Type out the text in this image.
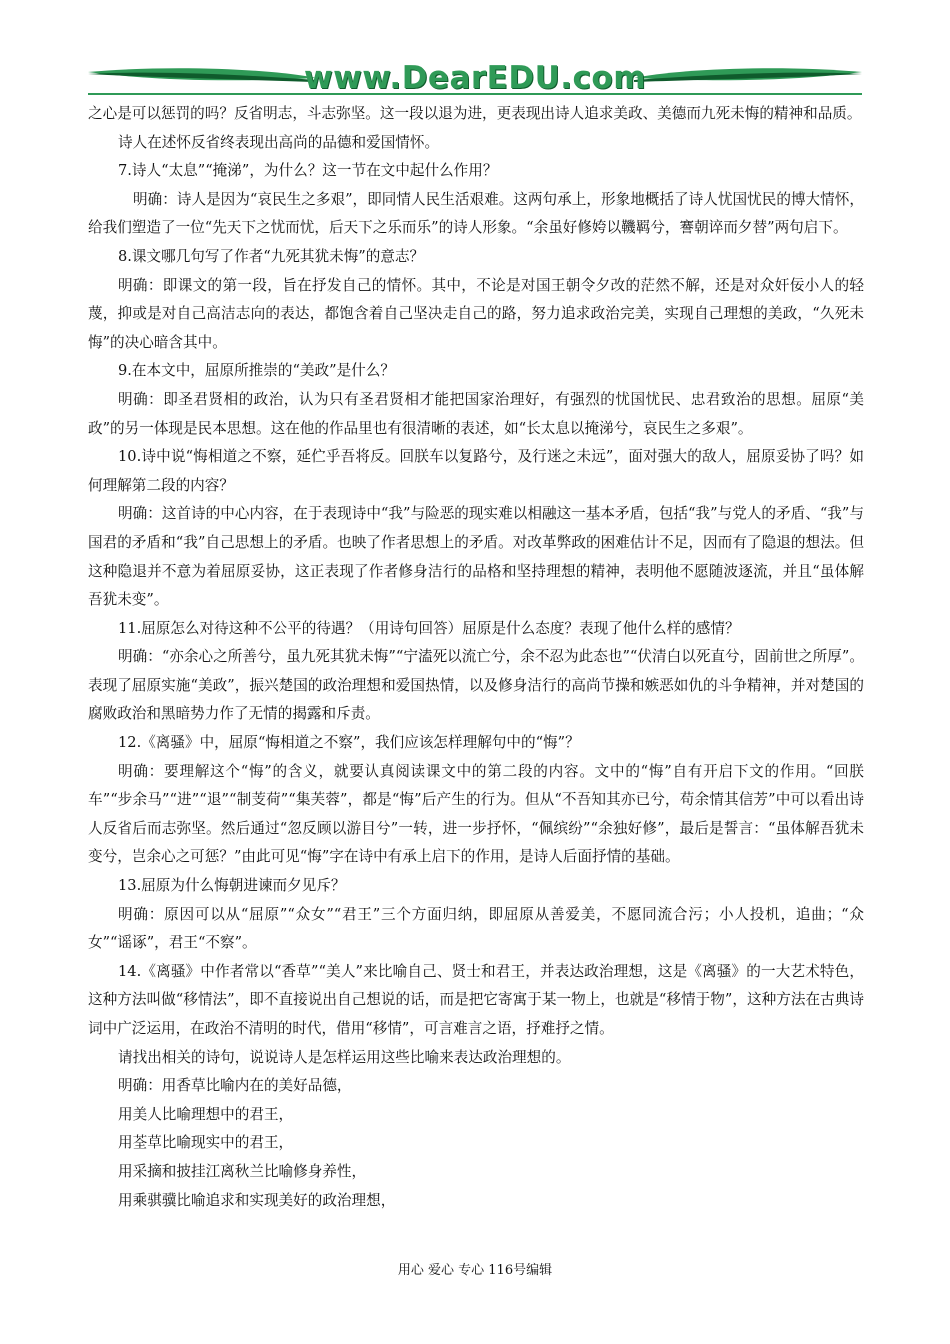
www.DearEDU.com

之心是可以惩罚的吗？反省明志，斗志弥坚。这一段以退为进，更表现出诗人追求美政、美德而九死未悔的精神和品质。

诗人在述怀反省终表现出高尚的品德和爱国情怀。

7.诗人“太息”“掩涕”，为什么？这一节在文中起什么作用？

明确：诗人是因为“哀民生之多艰”，即同情人民生活艰难。这两句承上，形象地概括了诗人忧国忧民的博大情怀，给我们塑造了一位“先天下之忧而忧，后天下之乐而乐”的诗人形象。“余虽好修姱以鞿羁兮，謇朝谇而夕替”两句启下。

8.课文哪几句写了作者“九死其犹未悔”的意志？

明确：即课文的第一段，旨在抒发自己的情怀。其中，不论是对国王朝令夕改的茫然不解，还是对众奸佞小人的轻蔑，抑或是对自己高洁志向的表达，都饱含着自己坚决走自己的路，努力追求政治完美，实现自己理想的美政，“久死未悔”的决心暗含其中。

9.在本文中，屈原所推崇的“美政”是什么？

明确：即圣君贤相的政治，认为只有圣君贤相才能把国家治理好，有强烈的忧国忧民、忠君致治的思想。屈原“美政”的另一体现是民本思想。这在他的作品里也有很清晰的表述，如“长太息以掩涕兮，哀民生之多艰”。

10.诗中说“悔相道之不察，延伫乎吾将反。回朕车以复路兮，及行迷之未远”，面对强大的敌人，屈原妥协了吗？如何理解第二段的内容？

明确：这首诗的中心内容，在于表现诗中“我”与险恶的现实难以相融这一基本矛盾，包括“我”与党人的矛盾、“我”与国君的矛盾和“我”自己思想上的矛盾。也映了作者思想上的矛盾。对改革弊政的困难估计不足，因而有了隐退的想法。但这种隐退并不意为着屈原妥协，这正表现了作者修身洁行的品格和坚持理想的精神，表明他不愿随波逐流，并且“虽体解吾犹未变”。

11.屈原怎么对待这种不公平的待遇？（用诗句回答）屈原是什么态度？表现了他什么样的感情？

明确：“亦余心之所善兮，虽九死其犹未悔”“宁溘死以流亡兮，余不忍为此态也”“伏清白以死直兮，固前世之所厚”。表现了屈原实施“美政”，振兴楚国的政治理想和爱国热情，以及修身洁行的高尚节操和嫉恶如仇的斗争精神，并对楚国的腐败政治和黑暗势力作了无情的揭露和斥责。

12.《离骚》中，屈原“悔相道之不察”，我们应该怎样理解句中的“悔”？

明确：要理解这个“悔”的含义，就要认真阅读课文中的第二段的内容。文中的“悔”自有开启下文的作用。“回朕车”“步余马”“进”“退”“制芰荷”“集芙蓉”，都是“悔”后产生的行为。但从“不吾知其亦已兮，苟余情其信芳”中可以看出诗人反省后而志弥坚。然后通过“忽反顾以游目兮”一转，进一步抒怀，“佩缤纷”“余独好修”，最后是誓言：“虽体解吾犹未变兮，岂余心之可惩？”由此可见“悔”字在诗中有承上启下的作用，是诗人后面抒情的基础。

13.屈原为什么悔朝进谏而夕见斥？

明确：原因可以从“屈原”“众女”“君王”三个方面归纳，即屈原从善爱美，不愿同流合污；小人投机，追曲；“众女”“谣诼”，君王“不察”。

14.《离骚》中作者常以“香草”“美人”来比喻自己、贤士和君王，并表达政治理想，这是《离骚》的一大艺术特色，这种方法叫做“移情法”，即不直接说出自己想说的话，而是把它寄寓于某一物上，也就是“移情于物”，这种方法在古典诗词中广泛运用，在政治不清明的时代，借用“移情”，可言难言之语，抒难抒之情。

请找出相关的诗句，说说诗人是怎样运用这些比喻来表达政治理想的。

明确：用香草比喻内在的美好品德，

用美人比喻理想中的君王，

用荃草比喻现实中的君王，

用采摘和披挂江离秋兰比喻修身养性，

用乘骐骥比喻追求和实现美好的政治理想，

用心 爱心 专心 116号编辑
